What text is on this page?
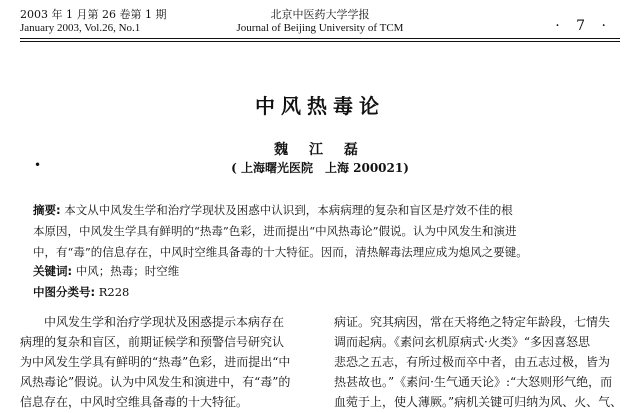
2003 年 1 月第 26 卷第 1 期
January 2003, Vol.26, No.1
北京中医药大学学报
Journal of Beijing University of TCM	· 7 ·
中风热毒论
魏 江 磊
•	( 上海曙光医院　上海 200021)
摘要: 本文从中风发生学和治疗学现状及困惑中认识到，本病病理的复杂和盲区是疗效不佳的根
本原因，中风发生学具有鲜明的“热毒”色彩，进而提出“中风热毒论”假说。认为中风发生和演进
中，有“毒”的信息存在，中风时空维具备毒的十大特征。因而，清热解毒法理应成为熄风之要键。
关键词: 中风；热毒；时空维
中图分类号: R228
　　中风发生学和治疗学现状及困惑提示本病存在
病理的复杂和盲区，前期证候学和预警信号研究认
为中风发生学具有鲜明的“热毒”色彩，进而提出“中
风热毒论”假说。认为中风发生和演进中，有“毒”的
信息存在，中风时空维具备毒的十大特征。
病证。究其病因，常在天将绝之特定年龄段，七情失
调而起病。《素问玄机原病式·火类》“多因喜怒思
悲恐之五志，有所过极而卒中者，由五志过极，皆为
热甚故也。”《素问·生气通天论》:“大怒则形气绝，而
血菀于上，使人薄厥。”病机关键可归纳为风、火、气、
